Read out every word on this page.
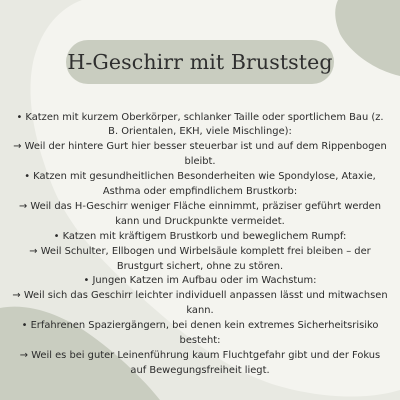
H-Geschirr mit Bruststeg

• Katzen mit kurzem Oberkörper, schlanker Taille oder sportlichem Bau (z. B. Orientalen, EKH, viele Mischlinge):

→ Weil der hintere Gurt hier besser steuerbar ist und auf dem Rippenbogen bleibt.

• Katzen mit gesundheitlichen Besonderheiten wie Spondylose, Ataxie, Asthma oder empfindlichem Brustkorb:

→ Weil das H-Geschirr weniger Fläche einnimmt, präziser geführt werden kann und Druckpunkte vermeidet.

• Katzen mit kräftigem Brustkorb und beweglichem Rumpf:

→ Weil Schulter, Ellbogen und Wirbelsäule komplett frei bleiben – der Brustgurt sichert, ohne zu stören.

• Jungen Katzen im Aufbau oder im Wachstum:

→ Weil sich das Geschirr leichter individuell anpassen lässt und mitwachsen kann.

• Erfahrenen Spaziergängern, bei denen kein extremes Sicherheitsrisiko besteht:

→ Weil es bei guter Leinenführung kaum Fluchtgefahr gibt und der Fokus auf Bewegungsfreiheit liegt.
